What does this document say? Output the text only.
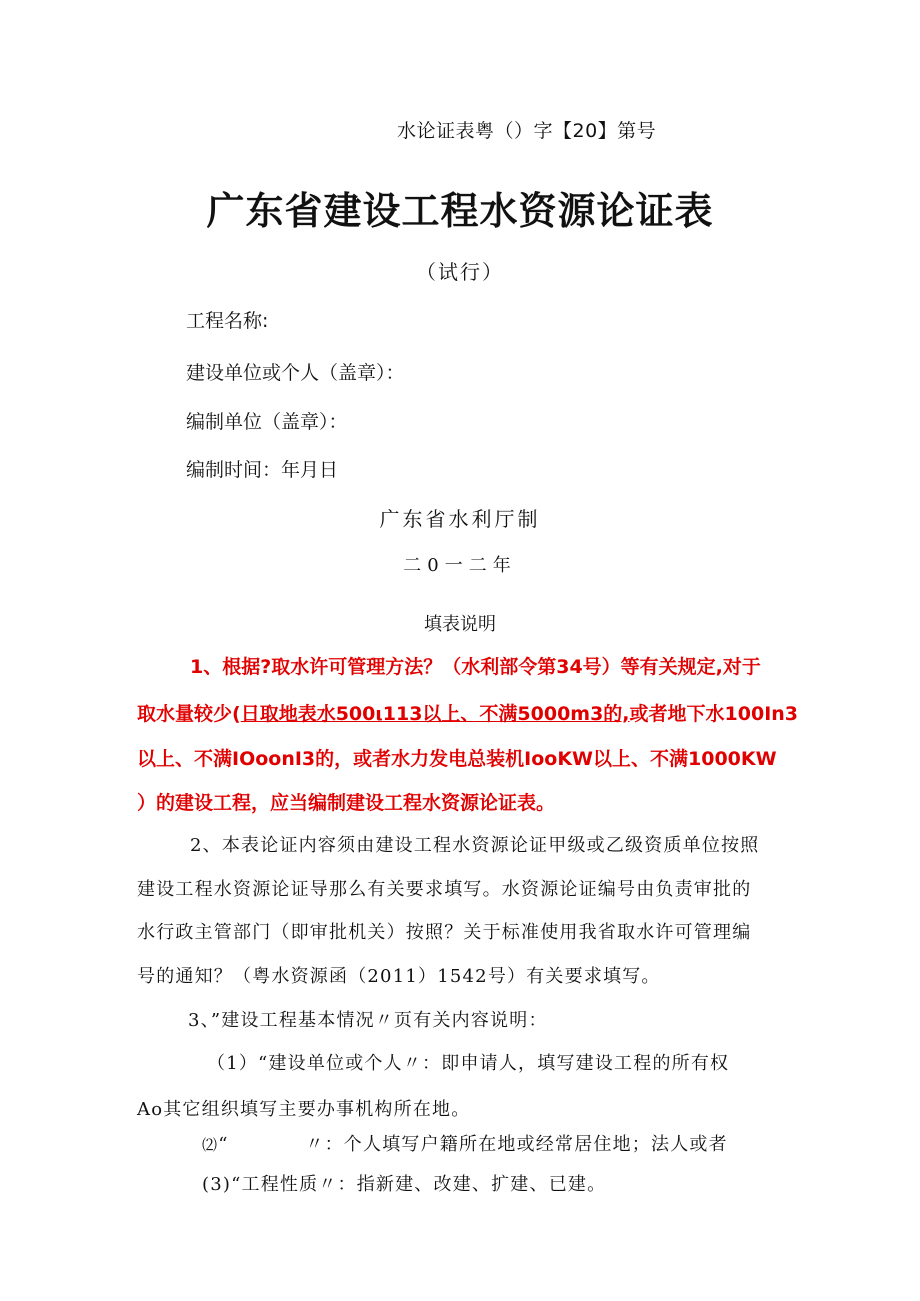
水论证表粤（）字【20】第号
广东省建设工程水资源论证表
（试行）
工程名称:
建设单位或个人（盖章）：
编制单位（盖章）：
编制时间：年月日
广东省水利厅制
二0一二年
填表说明
1、根据?取水许可管理方法？（水利部令第34号）等有关规定,对于
取水量较少(日取地表水500ι113以上、不满5000m3的,或者地下水100In3
以上、不满IOoonI3的，或者水力发电总装机IooKW以上、不满1000KW
）的建设工程，应当编制建设工程水资源论证表。
2、本表论证内容须由建设工程水资源论证甲级或乙级资质单位按照
建设工程水资源论证导那么有关要求填写。水资源论证编号由负责审批的
水行政主管部门（即审批机关）按照？关于标准使用我省取水许可管理编
号的通知？（粤水资源函（2011）1542号）有关要求填写。
3、”建设工程基本情况〃页有关内容说明：
（1）“建设单位或个人〃：即申请人，填写建设工程的所有权
Ao其它组织填写主要办事机构所在地。
⑵“　　　　〃：个人填写户籍所在地或经常居住地；法人或者
(3)“工程性质〃：指新建、改建、扩建、已建。
